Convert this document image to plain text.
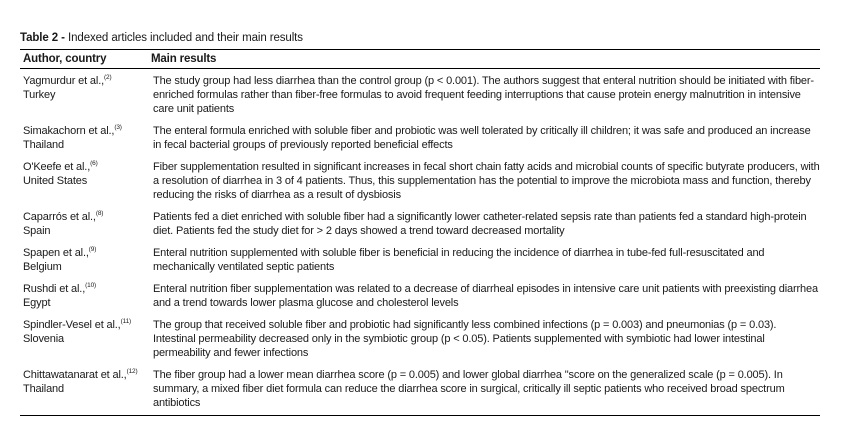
Table 2 - Indexed articles included and their main results
Author, country	Main results
Yagmurdur et al.,$^{(2)}$
Turkey	The study group had less diarrhea than the control group (p < 0.001). The authors suggest that enteral nutrition should be initiated with fiber-enriched formulas rather than fiber-free formulas to avoid frequent feeding interruptions that cause protein energy malnutrition in intensive care unit patients
Simakachorn et al.,$^{(3)}$
Thailand	The enteral formula enriched with soluble fiber and probiotic was well tolerated by critically ill children; it was safe and produced an increase in fecal bacterial groups of previously reported beneficial effects
O'Keefe et al.,$^{(6)}$
United States	Fiber supplementation resulted in significant increases in fecal short chain fatty acids and microbial counts of specific butyrate producers, with a resolution of diarrhea in 3 of 4 patients. Thus, this supplementation has the potential to improve the microbiota mass and function, thereby reducing the risks of diarrhea as a result of dysbiosis
Caparrós et al.,$^{(8)}$
Spain	Patients fed a diet enriched with soluble fiber had a significantly lower catheter-related sepsis rate than patients fed a standard high-protein diet. Patients fed the study diet for > 2 days showed a trend toward decreased mortality
Spapen et al.,$^{(9)}$
Belgium	Enteral nutrition supplemented with soluble fiber is beneficial in reducing the incidence of diarrhea in tube-fed full-resuscitated and mechanically ventilated septic patients
Rushdi et al.,$^{(10)}$
Egypt	Enteral nutrition fiber supplementation was related to a decrease of diarrheal episodes in intensive care unit patients with preexisting diarrhea and a trend towards lower plasma glucose and cholesterol levels
Spindler-Vesel et al.,$^{(11)}$
Slovenia	The group that received soluble fiber and probiotic had significantly less combined infections (p = 0.003) and pneumonias (p = 0.03). Intestinal permeability decreased only in the symbiotic group (p < 0.05). Patients supplemented with symbiotic had lower intestinal permeability and fewer infections
Chittawatanarat et al.,$^{(12)}$
Thailand	The fiber group had a lower mean diarrhea score (p = 0.005) and lower global diarrhea "score on the generalized scale (p = 0.005). In summary, a mixed fiber diet formula can reduce the diarrhea score in surgical, critically ill septic patients who received broad spectrum antibiotics
